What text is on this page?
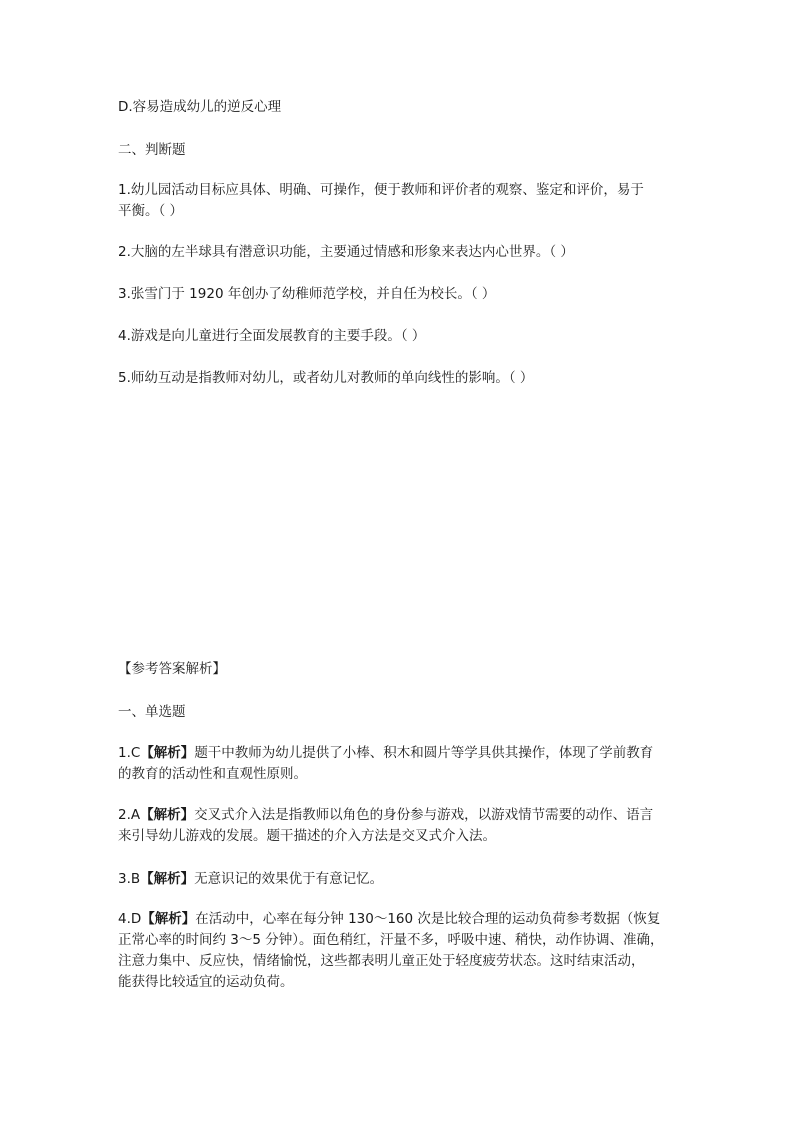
D.容易造成幼儿的逆反心理
二、判断题
1.幼儿园活动目标应具体、明确、可操作，便于教师和评价者的观察、鉴定和评价，易于
平衡。（ ）
2.大脑的左半球具有潜意识功能，主要通过情感和形象来表达内心世界。（ ）
3.张雪门于 1920 年创办了幼稚师范学校，并自任为校长。（ ）
4.游戏是向儿童进行全面发展教育的主要手段。（ ）
5.师幼互动是指教师对幼儿，或者幼儿对教师的单向线性的影响。（ ）
【参考答案解析】
一、单选题
1.C【解析】题干中教师为幼儿提供了小棒、积木和圆片等学具供其操作，体现了学前教育
的教育的活动性和直观性原则。
2.A【解析】交叉式介入法是指教师以角色的身份参与游戏，以游戏情节需要的动作、语言
来引导幼儿游戏的发展。题干描述的介入方法是交叉式介入法。
3.B【解析】无意识记的效果优于有意记忆。
4.D【解析】在活动中，心率在每分钟 130～160 次是比较合理的运动负荷参考数据（恢复
正常心率的时间约 3～5 分钟）。面色稍红，汗量不多，呼吸中速、稍快，动作协调、准确，
注意力集中、反应快，情绪愉悦，这些都表明儿童正处于轻度疲劳状态。这时结束活动，
能获得比较适宜的运动负荷。
